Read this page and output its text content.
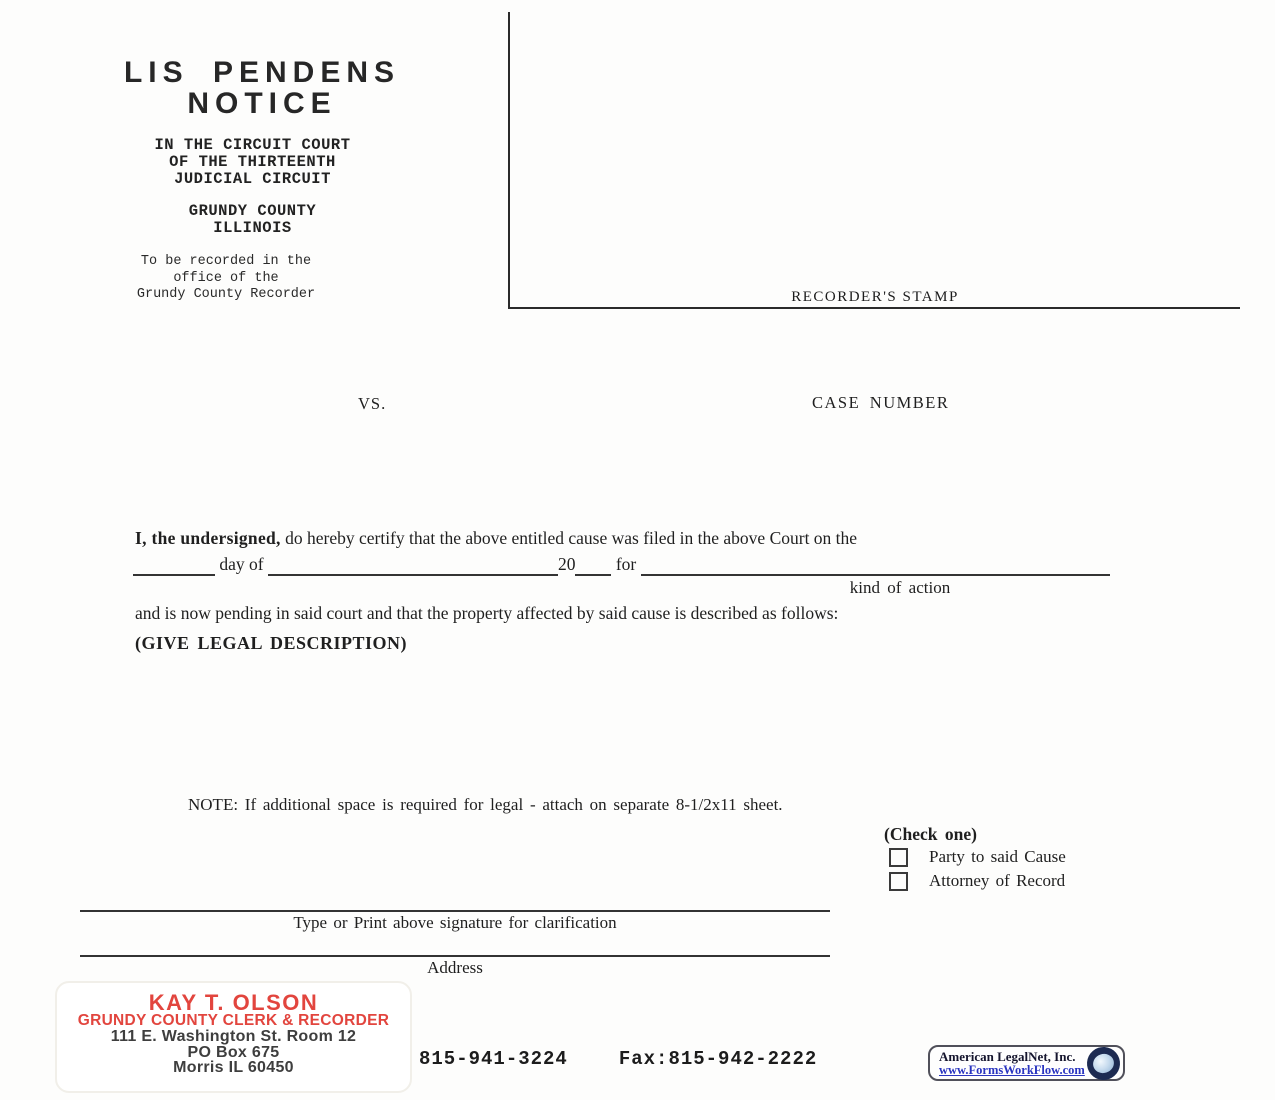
LIS PENDENS
NOTICE
IN THE CIRCUIT COURT
OF THE THIRTEENTH
JUDICIAL CIRCUIT
GRUNDY COUNTY
ILLINOIS
To be recorded in the
office of the
Grundy County Recorder	RECORDER'S STAMP
VS.	CASE NUMBER
I, the undersigned, do hereby certify that the above entitled cause was filed in the above Court on the
day of	20 for
kind of action
and is now pending in said court and that the property affected by said cause is described as follows:
(GIVE LEGAL DESCRIPTION)
NOTE: If additional space is required for legal - attach on separate 8-1/2x11 sheet.
(Check one)
Party to said Cause
Attorney of Record
Type or Print above signature for clarification
Address
KAY T. OLSON
GRUNDY COUNTY CLERK & RECORDER
111 E. Washington St. Room 12
PO Box 675
Morris IL 60450	815-941-3224	Fax: 815-942-2222	American LegalNet, Inc.
www.FormsWorkFlow.com
